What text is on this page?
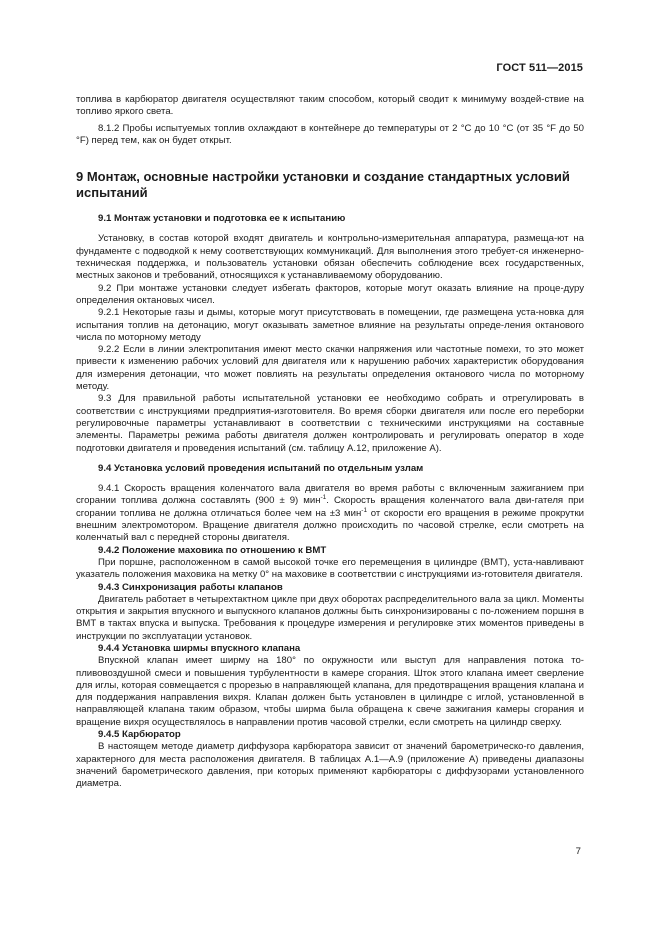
ГОСТ 511—2015

топлива в карбюратор двигателя осуществляют таким способом, который сводит к минимуму воздей-ствие на топливо яркого света.

8.1.2 Пробы испытуемых топлив охлаждают в контейнере до температуры от 2 °С до 10 °С (от 35 °F до 50 °F) перед тем, как он будет открыт.

9 Монтаж, основные настройки установки и создание стандартных условий испытаний

9.1 Монтаж установки и подготовка ее к испытанию

Установку, в состав которой входят двигатель и контрольно-измерительная аппаратура, размеща-ют на фундаменте с подводкой к нему соответствующих коммуникаций. Для выполнения этого требует-ся инженерно-техническая поддержка, и пользователь установки обязан обеспечить соблюдение всех государственных, местных законов и требований, относящихся к устанавливаемому оборудованию.

9.2 При монтаже установки следует избегать факторов, которые могут оказать влияние на проце-дуру определения октановых чисел.

9.2.1 Некоторые газы и дымы, которые могут присутствовать в помещении, где размещена уста-новка для испытания топлив на детонацию, могут оказывать заметное влияние на результаты опреде-ления октанового числа по моторному методу

9.2.2 Если в линии электропитания имеют место скачки напряжения или частотные помехи, то это может привести к изменению рабочих условий для двигателя или к нарушению рабочих характеристик оборудования для измерения детонации, что может повлиять на результаты определения октанового числа по моторному методу.

9.3 Для правильной работы испытательной установки ее необходимо собрать и отрегулировать в соответствии с инструкциями предприятия-изготовителя. Во время сборки двигателя или после его переборки регулировочные параметры устанавливают в соответствии с техническими инструкциями на составные элементы. Параметры режима работы двигателя должен контролировать и регулировать оператор в ходе подготовки двигателя и проведения испытаний (см. таблицу А.12, приложение А).

9.4 Установка условий проведения испытаний по отдельным узлам

9.4.1 Скорость вращения коленчатого вала двигателя во время работы с включенным зажиганием при сгорании топлива должна составлять (900 ± 9) мин$^{-1}$. Скорость вращения коленчатого вала дви-гателя при сгорании топлива не должна отличаться более чем на ±3 мин$^{-1}$ от скорости его вращения в режиме прокрутки внешним электромотором. Вращение двигателя должно происходить по часовой стрелке, если смотреть на коленчатый вал с передней стороны двигателя.

9.4.2 Положение маховика по отношению к ВМТ

При поршне, расположенном в самой высокой точке его перемещения в цилиндре (ВМТ), уста-навливают указатель положения маховика на метку 0° на маховике в соответствии с инструкциями из-готовителя двигателя.

9.4.3 Синхронизация работы клапанов

Двигатель работает в четырехтактном цикле при двух оборотах распределительного вала за цикл. Моменты открытия и закрытия впускного и выпускного клапанов должны быть синхронизированы с по-ложением поршня в ВМТ в тактах впуска и выпуска. Требования к процедуре измерения и регулировке этих моментов приведены в инструкции по эксплуатации установок.

9.4.4 Установка ширмы впускного клапана

Впускной клапан имеет ширму на 180° по окружности или выступ для направления потока то-пливовоздушной смеси и повышения турбулентности в камере сгорания. Шток этого клапана имеет сверление для иглы, которая совмещается с прорезью в направляющей клапана, для предотвращения вращения клапана и для поддержания направления вихря. Клапан должен быть установлен в цилиндре с иглой, установленной в направляющей клапана таким образом, чтобы ширма была обращена к свече зажигания камеры сгорания и вращение вихря осуществлялось в направлении против часовой стрелки, если смотреть на цилиндр сверху.

9.4.5 Карбюратор

В настоящем методе диаметр диффузора карбюратора зависит от значений барометрическо-го давления, характерного для места расположения двигателя. В таблицах А.1—А.9 (приложение А) приведены диапазоны значений барометрического давления, при которых применяют карбюраторы с диффузорами установленного диаметра.

7
